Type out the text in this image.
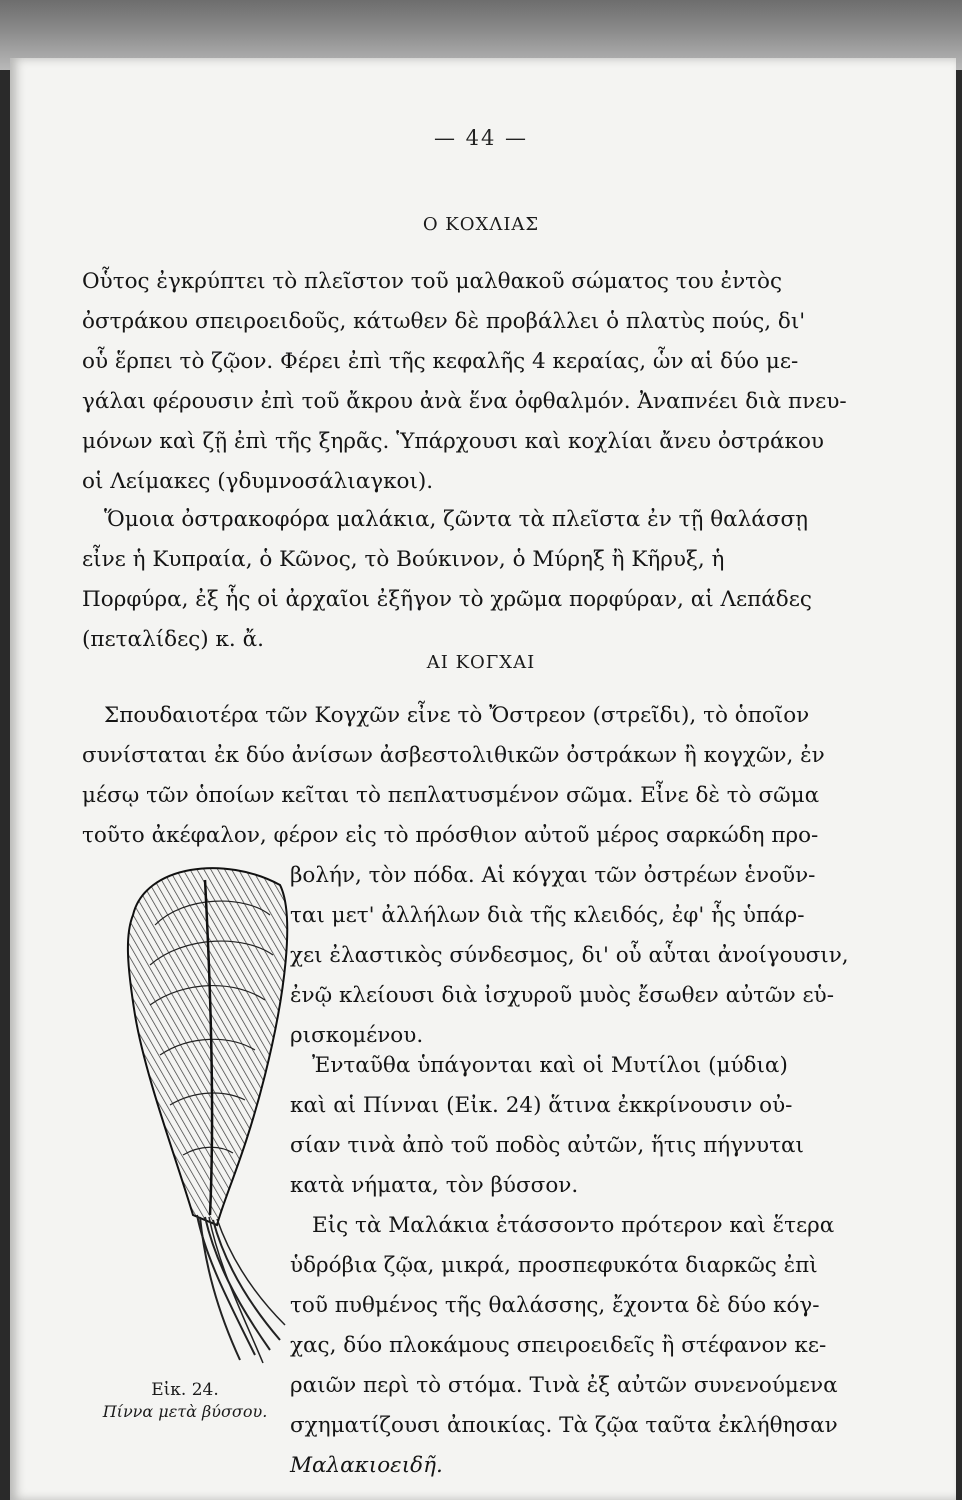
— 44 —
Ο ΚΟΧΛΙΑΣ
Οὗτος ἐγκρύπτει τὸ πλεῖστον τοῦ μαλθακοῦ σώματος του ἐντὸς
ὀστράκου σπειροειδοῦς, κάτωθεν δὲ προβάλλει ὁ πλατὺς πούς, δι'
οὗ ἕρπει τὸ ζῷον. Φέρει ἐπὶ τῆς κεφαλῆς 4 κεραίας, ὧν αἱ δύο με-
γάλαι φέρουσιν ἐπὶ τοῦ ἄκρου ἀνὰ ἕνα ὀφθαλμόν. Ἀναπνέει διὰ πνευ-
μόνων καὶ ζῇ ἐπὶ τῆς ξηρᾶς. Ὑπάρχουσι καὶ κοχλίαι ἄνευ ὀστράκου
οἱ Λείμακες (γδυμνοσάλιαγκοι).
Ὅμοια ὀστρακοφόρα μαλάκια, ζῶντα τὰ πλεῖστα ἐν τῇ θαλάσσῃ
εἶνε ἡ Κυπραία, ὁ Κῶνος, τὸ Βούκινον, ὁ Μύρηξ ἢ Κῆρυξ, ἡ
Πορφύρα, ἐξ ἧς οἱ ἀρχαῖοι ἐξῆγον τὸ χρῶμα πορφύραν, αἱ Λεπάδες
(πεταλίδες) κ. ἄ.
ΑΙ ΚΟΓΧΑΙ
Σπουδαιοτέρα τῶν Κογχῶν εἶνε τὸ Ὄστρεον (στρεῖδι), τὸ ὁποῖον
συνίσταται ἐκ δύο ἀνίσων ἀσβεστολιθικῶν ὀστράκων ἢ κογχῶν, ἐν
μέσῳ τῶν ὁποίων κεῖται τὸ πεπλατυσμένον σῶμα. Εἶνε δὲ τὸ σῶμα
τοῦτο ἀκέφαλον, φέρον εἰς τὸ πρόσθιον αὐτοῦ μέρος σαρκώδη προ-
βολήν, τὸν πόδα. Αἱ κόγχαι τῶν ὀστρέων ἑνοῦν-
ται μετ' ἀλλήλων διὰ τῆς κλειδός, ἐφ' ἧς ὑπάρ-
χει ἐλαστικὸς σύνδεσμος, δι' οὗ αὗται ἀνοίγουσιν,
ἐνῷ κλείουσι διὰ ἰσχυροῦ μυὸς ἔσωθεν αὐτῶν εὑ-
ρισκομένου.
Ἐνταῦθα ὑπάγονται καὶ οἱ Μυτίλοι (μύδια)
καὶ αἱ Πίνναι (Εἰκ. 24) ἅτινα ἐκκρίνουσιν οὐ-
σίαν τινὰ ἀπὸ τοῦ ποδὸς αὐτῶν, ἥτις πήγνυται
κατὰ νήματα, τὸν βύσσον.
Εἰς τὰ Μαλάκια ἐτάσσοντο πρότερον καὶ ἕτερα
ὑδρόβια ζῷα, μικρά, προσπεφυκότα διαρκῶς ἐπὶ
τοῦ πυθμένος τῆς θαλάσσης, ἔχοντα δὲ δύο κόγ-
χας, δύο πλοκάμους σπειροειδεῖς ἢ στέφανον κε-
ραιῶν περὶ τὸ στόμα. Τινὰ ἐξ αὐτῶν συνενούμενα
σχηματίζουσι ἀποικίας. Τὰ ζῷα ταῦτα ἐκλήθησαν
Μαλακιοειδῆ.
Εἰκ. 24.
Πίννα μετὰ βύσσου.
